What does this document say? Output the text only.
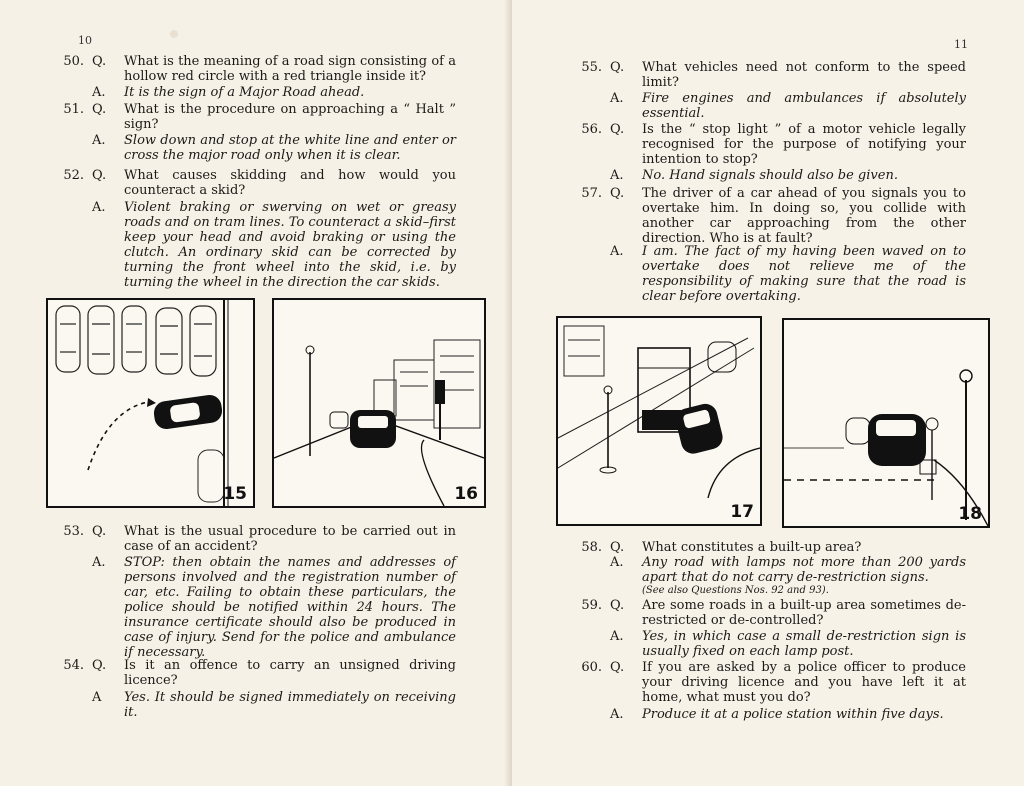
10
50. Q. What is the meaning of a road sign consisting of a hollow red circle with a red triangle inside it?
A. It is the sign of a Major Road ahead.
51. Q. What is the procedure on approaching a “ Halt ” sign?
A. Slow down and stop at the white line and enter or cross the major road only when it is clear.
52. Q. What causes skidding and how would you counteract a skid?
A. Violent braking or swerving on wet or greasy roads and on tram lines. To counteract a skid–first keep your head and avoid braking or using the clutch. An ordinary skid can be corrected by turning the front wheel into the skid, i.e. by turning the wheel in the direction the car skids.
15	16
53. Q. What is the usual procedure to be carried out in case of an accident?
A. STOP: then obtain the names and addresses of persons involved and the registration number of car, etc. Failing to obtain these particulars, the police should be notified within 24 hours. The insurance certificate should also be produced in case of injury. Send for the police and ambulance if necessary.
54. Q. Is it an offence to carry an unsigned driving licence?
A Yes. It should be signed immediately on receiving it.
11
55. Q. What vehicles need not conform to the speed limit?
A. Fire engines and ambulances if absolutely essential.
56. Q. Is the “ stop light ” of a motor vehicle legally recognised for the purpose of notifying your intention to stop?
A. No. Hand signals should also be given.
57. Q. The driver of a car ahead of you signals you to overtake him. In doing so, you collide with another car approaching from the other direction. Who is at fault?
A. I am. The fact of my having been waved on to overtake does not relieve me of the responsibility of making sure that the road is clear before overtaking.
17	18
58. Q. What constitutes a built-up area?
A. Any road with lamps not more than 200 yards apart that do not carry de-restriction signs.
(See also Questions Nos. 92 and 93).
59. Q. Are some roads in a built-up area sometimes de-restricted or de-controlled?
A. Yes, in which case a small de-restriction sign is usually fixed on each lamp post.
60. Q. If you are asked by a police officer to produce your driving licence and you have left it at home, what must you do?
A. Produce it at a police station within five days.
